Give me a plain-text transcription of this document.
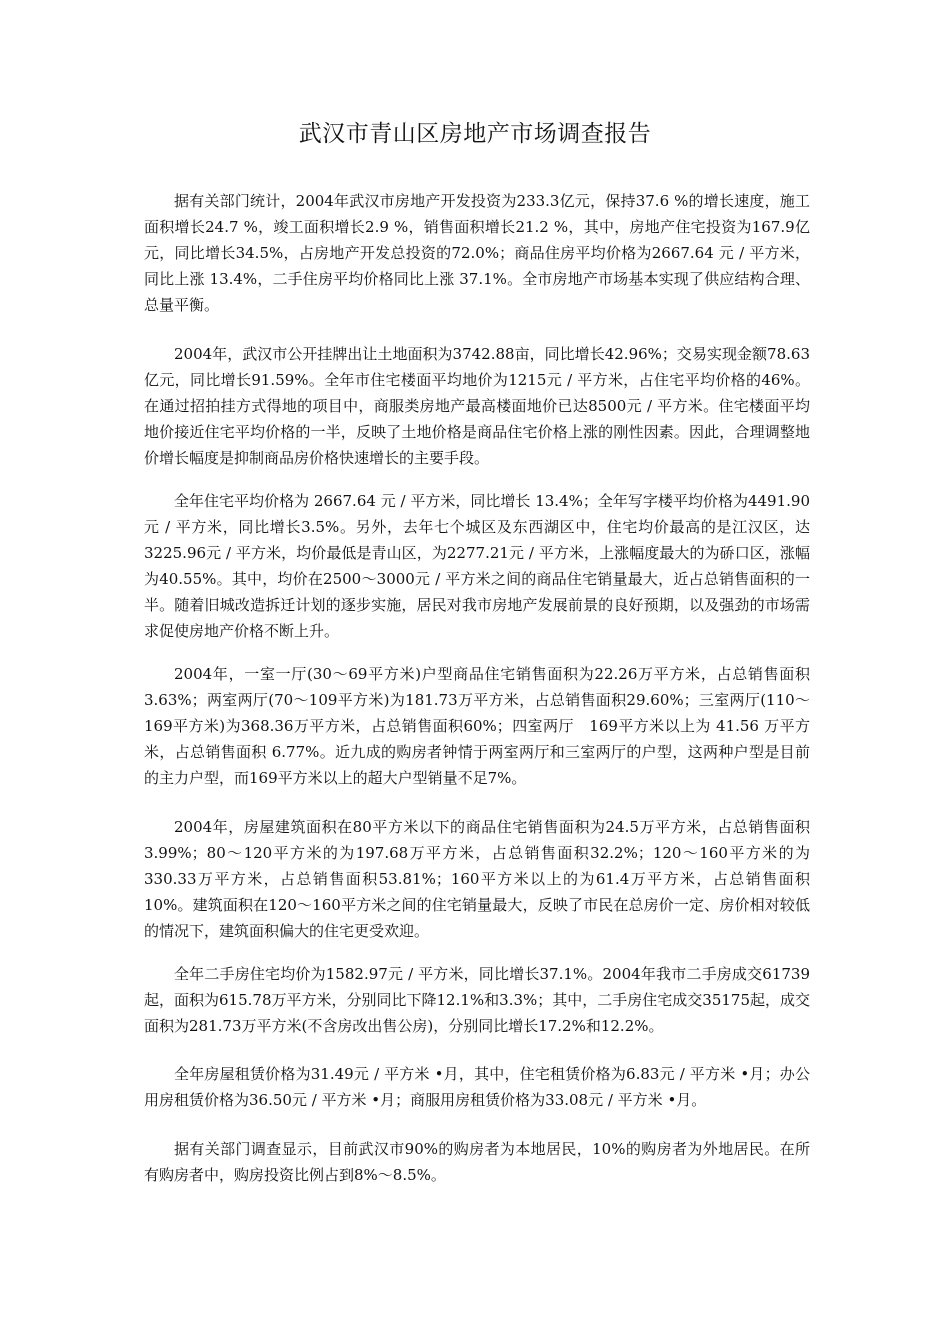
武汉市青山区房地产市场调查报告

据有关部门统计，2004年武汉市房地产开发投资为233.3亿元，保持37.6 %的增长速度，施工面积增长24.7 %，竣工面积增长2.9 %，销售面积增长21.2 %，其中，房地产住宅投资为167.9亿元，同比增长34.5%，占房地产开发总投资的72.0%；商品住房平均价格为2667.64 元 / 平方米，同比上涨 13.4%，二手住房平均价格同比上涨 37.1%。全市房地产市场基本实现了供应结构合理、总量平衡。

2004年，武汉市公开挂牌出让土地面积为3742.88亩，同比增长42.96%；交易实现金额78.63亿元，同比增长91.59%。全年市住宅楼面平均地价为1215元 / 平方米，占住宅平均价格的46%。在通过招拍挂方式得地的项目中，商服类房地产最高楼面地价已达8500元 / 平方米。住宅楼面平均地价接近住宅平均价格的一半，反映了土地价格是商品住宅价格上涨的刚性因素。因此，合理调整地价增长幅度是抑制商品房价格快速增长的主要手段。

全年住宅平均价格为 2667.64 元 / 平方米，同比增长 13.4%；全年写字楼平均价格为4491.90元 / 平方米，同比增长3.5%。另外，去年七个城区及东西湖区中，住宅均价最高的是江汉区，达3225.96元 / 平方米，均价最低是青山区，为2277.21元 / 平方米，上涨幅度最大的为硚口区，涨幅为40.55%。其中，均价在2500～3000元 / 平方米之间的商品住宅销量最大，近占总销售面积的一半。随着旧城改造拆迁计划的逐步实施，居民对我市房地产发展前景的良好预期，以及强劲的市场需求促使房地产价格不断上升。

2004年，一室一厅(30～69平方米)户型商品住宅销售面积为22.26万平方米，占总销售面积3.63%；两室两厅(70～109平方米)为181.73万平方米，占总销售面积29.60%；三室两厅(110～169平方米)为368.36万平方米，占总销售面积60%；四室两厅　169平方米以上为 41.56 万平方米，占总销售面积 6.77%。近九成的购房者钟情于两室两厅和三室两厅的户型，这两种户型是目前的主力户型，而169平方米以上的超大户型销量不足7%。

2004年，房屋建筑面积在80平方米以下的商品住宅销售面积为24.5万平方米，占总销售面积3.99%；80～120平方米的为197.68万平方米，占总销售面积32.2%；120～160平方米的为330.33万平方米，占总销售面积53.81%；160平方米以上的为61.4万平方米，占总销售面积10%。建筑面积在120～160平方米之间的住宅销量最大，反映了市民在总房价一定、房价相对较低的情况下，建筑面积偏大的住宅更受欢迎。

全年二手房住宅均价为1582.97元 / 平方米，同比增长37.1%。2004年我市二手房成交61739起，面积为615.78万平方米，分别同比下降12.1%和3.3%；其中，二手房住宅成交35175起，成交面积为281.73万平方米(不含房改出售公房)，分别同比增长17.2%和12.2%。

全年房屋租赁价格为31.49元 / 平方米 •月，其中，住宅租赁价格为6.83元 / 平方米 •月；办公用房租赁价格为36.50元 / 平方米 •月；商服用房租赁价格为33.08元 / 平方米 •月。

据有关部门调查显示，目前武汉市90%的购房者为本地居民，10%的购房者为外地居民。在所有购房者中，购房投资比例占到8%～8.5%。
